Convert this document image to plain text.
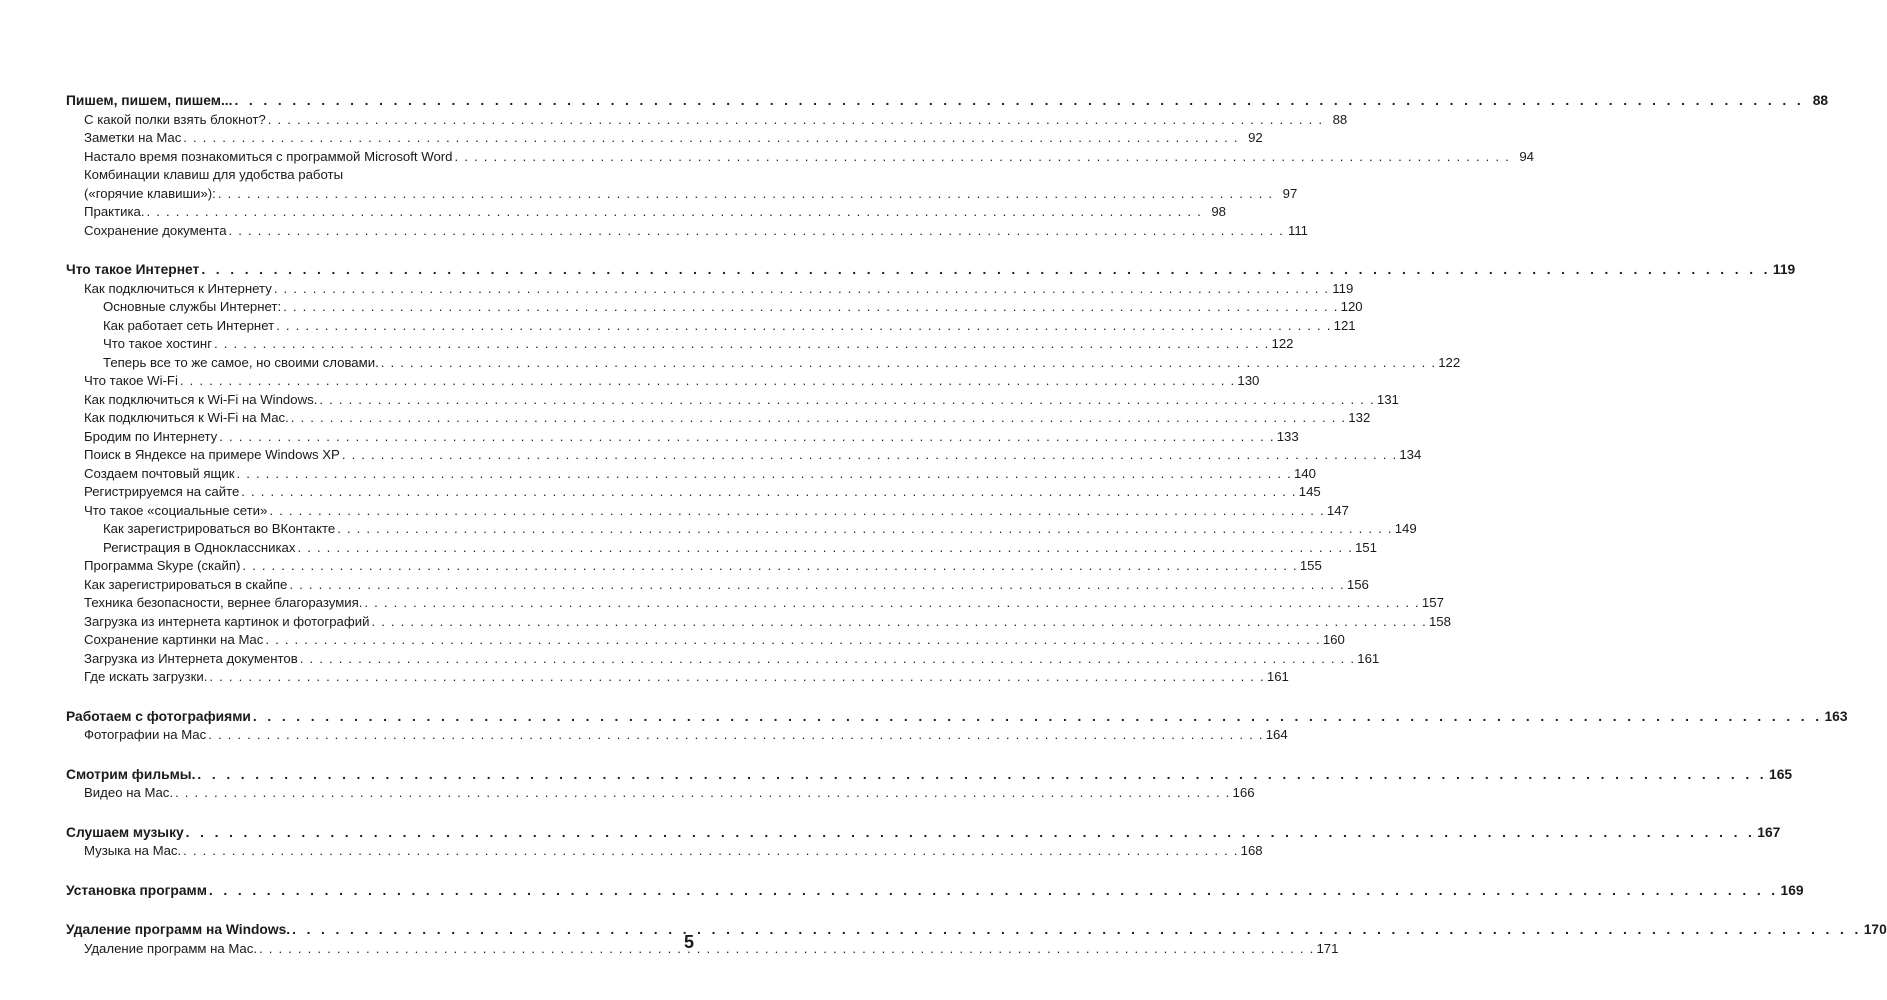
Пишем, пишем, пишем... . . .	88
С какой полки взять блокнот? . . .	88
Заметки на Mac . . .	92
Настало время познакомиться с программой Microsoft Word . . .	94
Комбинации клавиш для удобства работы
(«горячие клавиши»): . . .	97
Практика. . . .	98
Сохранение документа . . .	111
Что такое Интернет . . .	119
Как подключиться к Интернету . . .	119
Основные службы Интернет: . . .	120
Как работает сеть Интернет . . .	121
Что такое хостинг . . .	122
Теперь все то же самое, но своими словами. . . .	122
Что такое Wi-Fi . . .	130
Как подключиться к Wi-Fi на Windows. . . .	131
Как подключиться к Wi-Fi на Mac. . . .	132
Бродим по Интернету . . .	133
Поиск в Яндексе на примере Windows XP . . .	134
Создаем почтовый ящик . . .	140
Регистрируемся на сайте . . .	145
Что такое «социальные сети» . . .	147
Как зарегистрироваться во ВКонтакте . . .	149
Регистрация в Одноклассниках . . .	151
Программа Skype (скайп) . . .	155
Как зарегистрироваться в скайпе . . .	156
Техника безопасности, вернее благоразумия. . . .	157
Загрузка из интернета картинок и фотографий . . .	158
Сохранение картинки на Mac . . .	160
Загрузка из Интернета документов . . .	161
Где искать загрузки. . . .	161
Работаем с фотографиями . . .	163
Фотографии на Mac . . .	164
Смотрим фильмы. . . .	165
Видео на Mac. . . .	166
Слушаем музыку . . .	167
Музыка на Mac. . . .	168
Установка программ . . .	169
Удаление программ на Windows. . . .	170
Удаление программ на Mac. . . .	171
5
